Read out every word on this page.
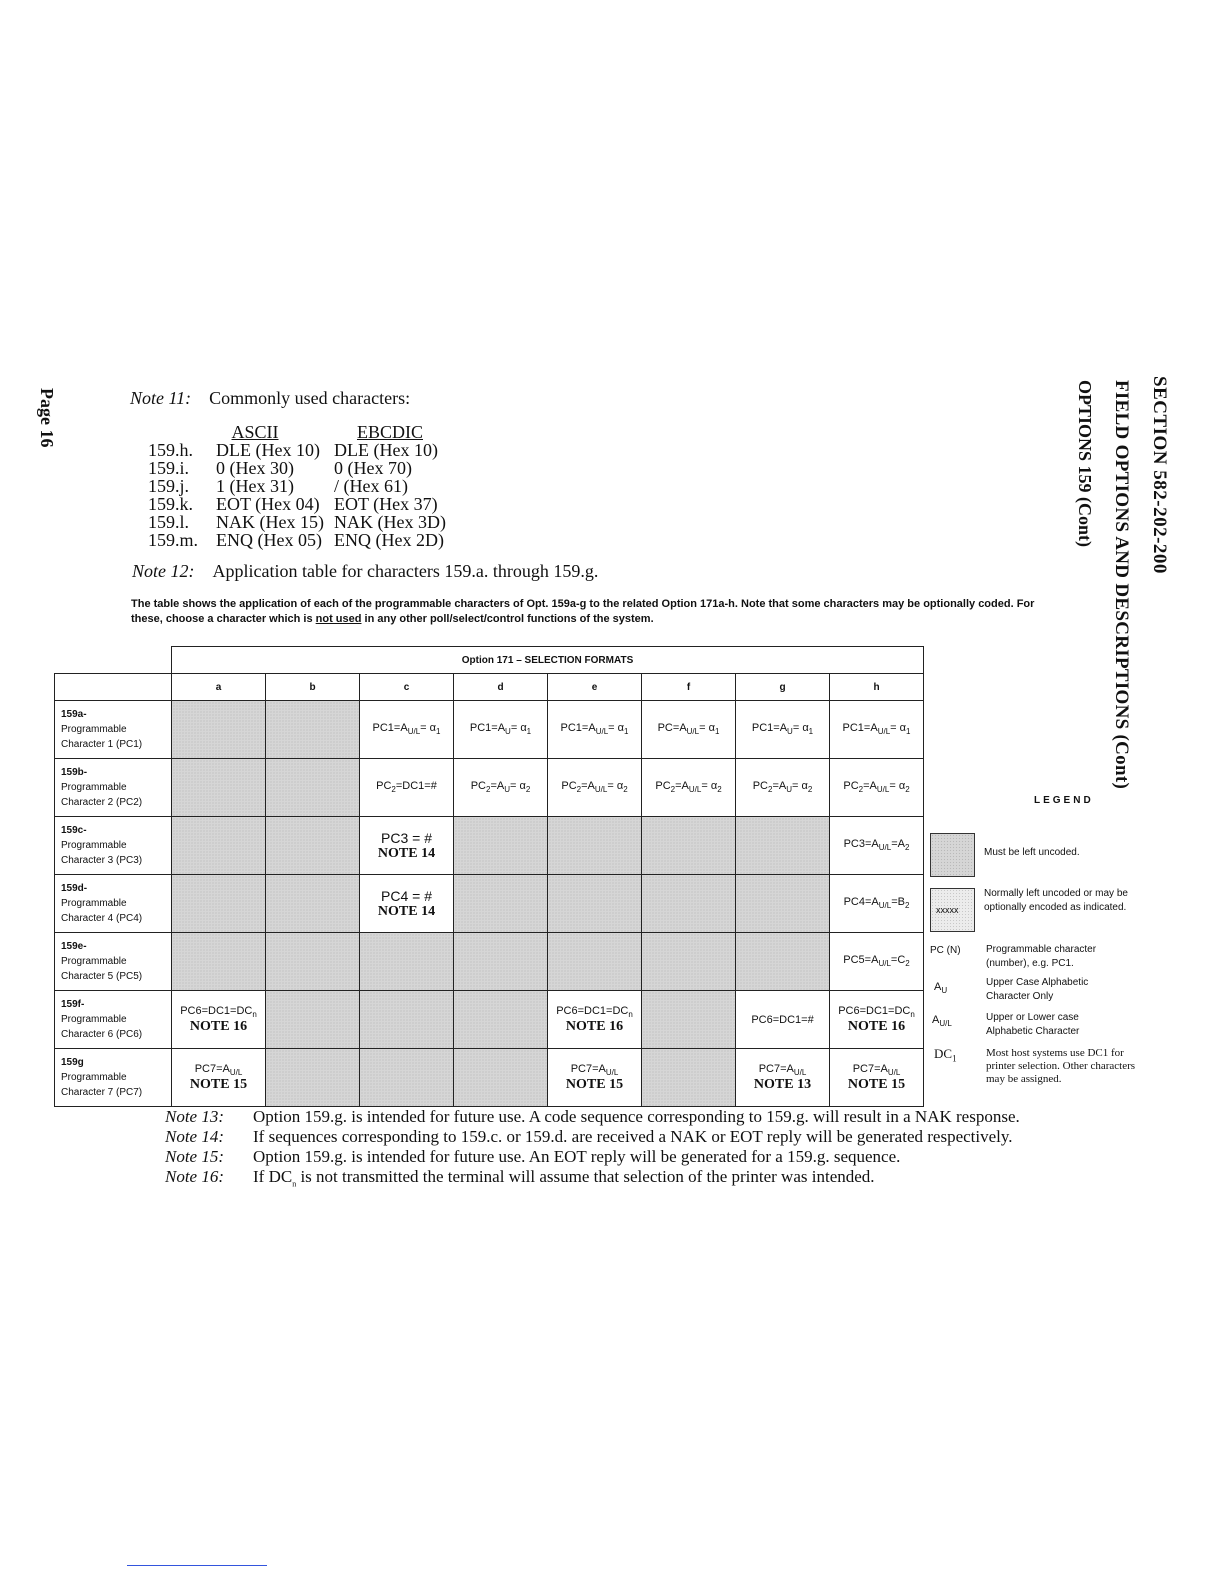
SECTION 582-202-200
FIELD OPTIONS AND DESCRIPTIONS (Cont)
OPTIONS 159 (Cont)
Page 16	Note 11: Commonly used characters:
	ASCII	EBCDIC
159.h.	DLE (Hex 10)	DLE (Hex 10)
159.i.	0 (Hex 30)	0 (Hex 70)
159.j.	1 (Hex 31)	/ (Hex 61)
159.k.	EOT (Hex 04)	EOT (Hex 37)
159.l.	NAK (Hex 15)	NAK (Hex 3D)
159.m.	ENQ (Hex 05)	ENQ (Hex 2D)
Note 12: Application table for characters 159.a. through 159.g.
The table shows the application of each of the programmable characters of Opt. 159a-g to the related Option 171a-h. Note that some characters may be optionally coded. For these, choose a character which is not used in any other poll/select/control functions of the system.
	Option 171 – SELECTION FORMATS							
	a	b	c	d	e	f	g	h
159a-
Programmable
Character 1 (PC1)			$PC1=A_{U/L}= \alpha_1$	$PC1=A_U= \alpha_1$	$PC1=A_{U/L}= \alpha_1$	$PC=A_{U/L}= \alpha_1$	$PC1=A_U= \alpha_1$	$PC1=A_{U/L}= \alpha_1$
159b-
Programmable
Character 2 (PC2)			$PC_2=DC1=\#$	$PC_2=A_U= \alpha_2$	$PC_2=A_{U/L}= \alpha_2$	$PC_2=A_{U/L}= \alpha_2$	$PC_2=A_U= \alpha_2$	$PC_2=A_{U/L}= \alpha_2$
159c-
Programmable
Character 3 (PC3)			PC3 = #
NOTE 14					$PC3=A_{U/L}=A_2$
159d-
Programmable
Character 4 (PC4)			PC4 = #
NOTE 14					$PC4=A_{U/L}=B_2$
159e-
Programmable
Character 5 (PC5)								$PC5=A_{U/L}=C_2$
159f-
Programmable
Character 6 (PC6)	$PC6=DC1=DC_n$
NOTE 16				$PC6=DC1=DC_n$
NOTE 16		PC6=DC1=#	$PC6=DC1=DC_n$
NOTE 16

159g
Programmable
Character 7 (PC7)	$PC7=A_{U/L}$
NOTE 15				$PC7=A_{U/L}$
NOTE 15		$PC7=A_{U/L}$
NOTE 13	$PC7=A_{U/L}$
NOTE 15
LEGEND
Must be left uncoded.
xxxxx
Normally left uncoded or may be optionally encoded as indicated.
PC (N)	Programmable character (number), e.g. PC1.
$A_U$
Upper Case Alphabetic Character Only
$A_{U/L}$
Upper or Lower case Alphabetic Character
$DC_1$	Most host systems use DC1 for printer selection. Other characters may be assigned.
Note 13: Option 159.g. is intended for future use. A code sequence corresponding to 159.g. will result in a NAK response.
Note 14: If sequences corresponding to 159.c. or 159.d. are received a NAK or EOT reply will be generated respectively.
Note 15: Option 159.g. is intended for future use. An EOT reply will be generated for a 159.g. sequence.
Note 16: If $DC_n$ is not transmitted the terminal will assume that selection of the printer was intended.
